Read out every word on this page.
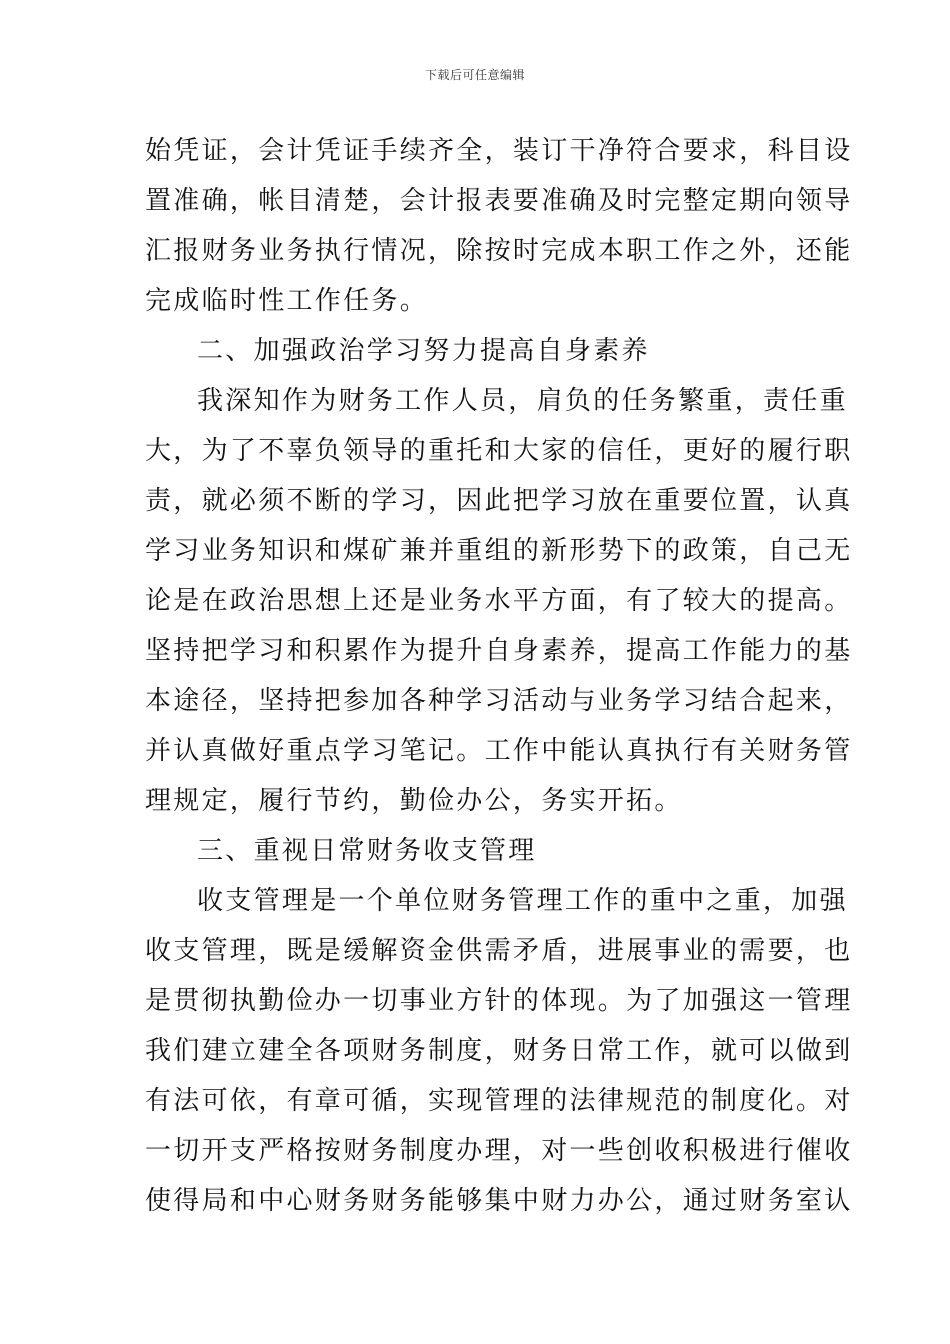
下载后可任意编辑
始凭证，会计凭证手续齐全，装订干净符合要求，科目设
置准确，帐目清楚，会计报表要准确及时完整定期向领导
汇报财务业务执行情况，除按时完成本职工作之外，还能
完成临时性工作任务。
二、加强政治学习努力提高自身素养
我深知作为财务工作人员，肩负的任务繁重，责任重
大，为了不辜负领导的重托和大家的信任，更好的履行职
责，就必须不断的学习，因此把学习放在重要位置，认真
学习业务知识和煤矿兼并重组的新形势下的政策，自己无
论是在政治思想上还是业务水平方面，有了较大的提高。
坚持把学习和积累作为提升自身素养，提高工作能力的基
本途径，坚持把参加各种学习活动与业务学习结合起来，
并认真做好重点学习笔记。工作中能认真执行有关财务管
理规定，履行节约，勤俭办公，务实开拓。
三、重视日常财务收支管理
收支管理是一个单位财务管理工作的重中之重，加强
收支管理，既是缓解资金供需矛盾，进展事业的需要，也
是贯彻执勤俭办一切事业方针的体现。为了加强这一管理
我们建立建全各项财务制度，财务日常工作，就可以做到
有法可依，有章可循，实现管理的法律规范的制度化。对
一切开支严格按财务制度办理，对一些创收积极进行催收
使得局和中心财务财务能够集中财力办公，通过财务室认
